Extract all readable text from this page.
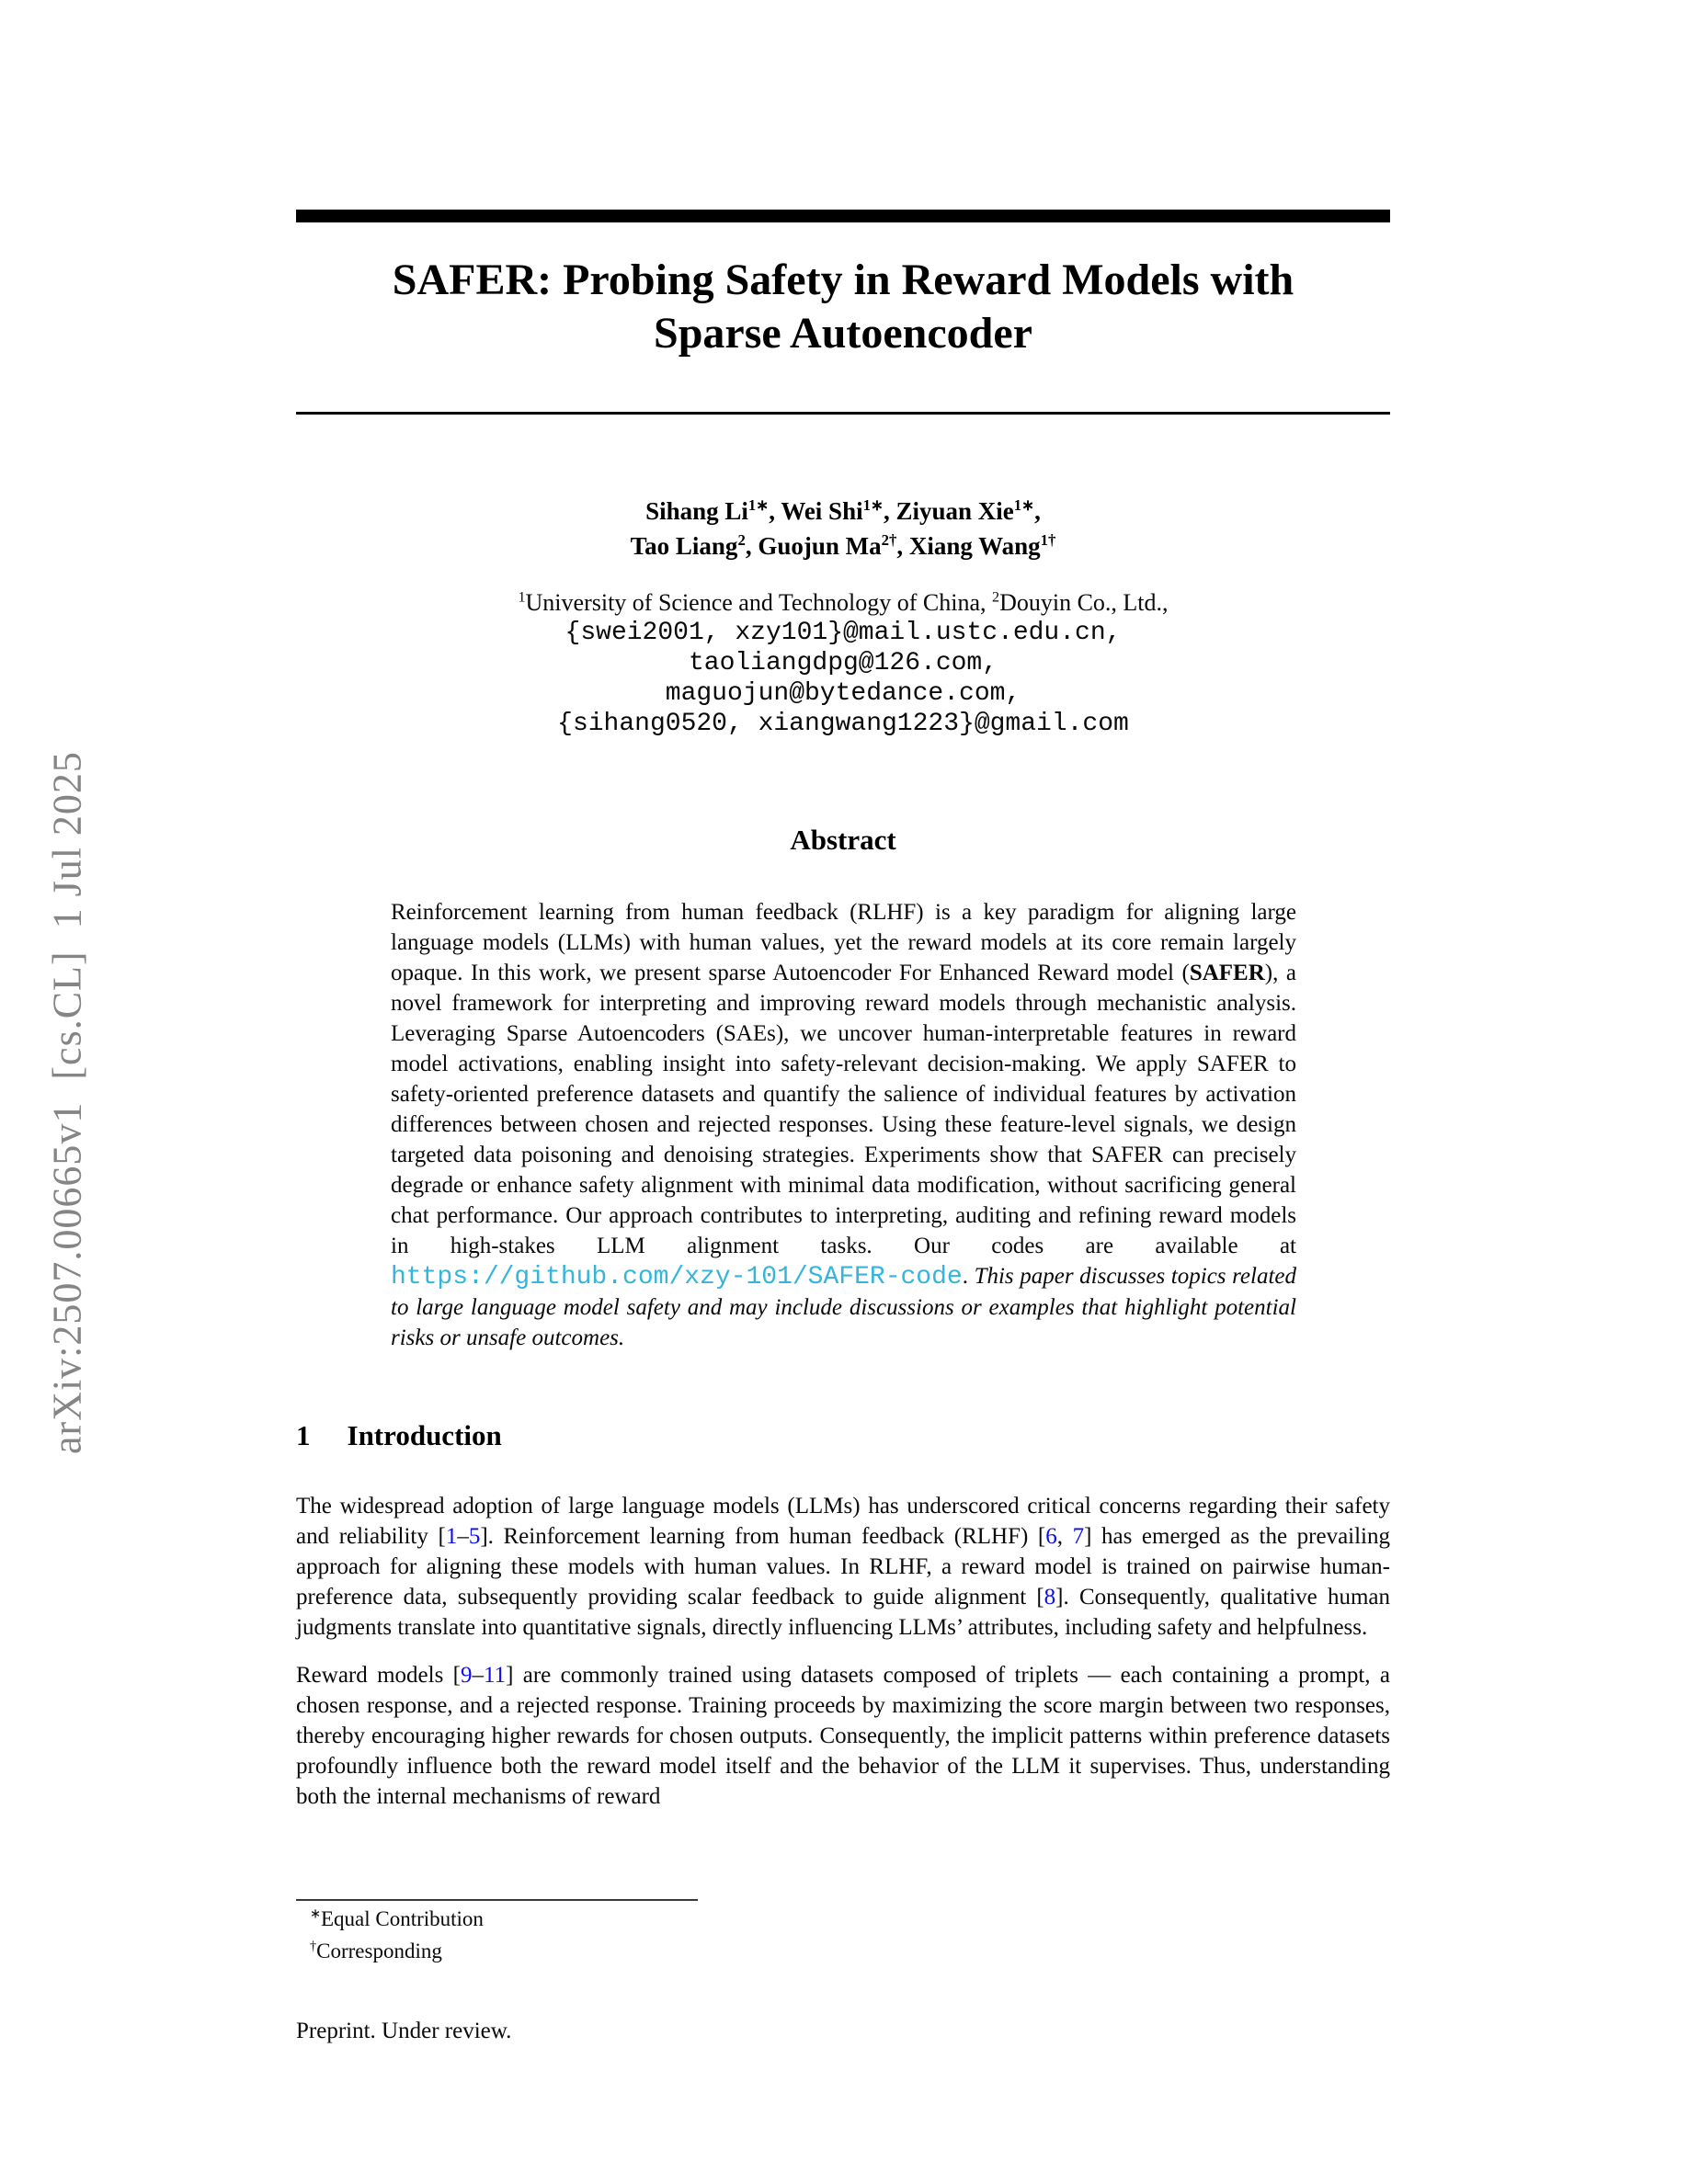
arXiv:2507.00665v1  [cs.CL]  1 Jul 2025
SAFER: Probing Safety in Reward Models with
Sparse Autoencoder
Sihang $Li^{1∗}$, Wei Shi$^{1∗}$, Ziyuan Xie$^{1∗}$,
Tao Liang$^2$, Guojun $Ma^{2\dagger}$, Xiang Wang$^{1\dagger}$
$^1$University of Science and Technology of China, $^2$Douyin Co., Ltd.,
{swei2001, xzy101}@mail.ustc.edu.cn,
taoliangdpg@126.com,
maguojun@bytedance.com,
{sihang0520, xiangwang1223}@gmail.com
Abstract

Reinforcement learning from human feedback (RLHF) is a key paradigm for aligning large language models (LLMs) with human values, yet the reward models at its core remain largely opaque. In this work, we present sparse Autoencoder For Enhanced Reward model (SAFER), a novel framework for interpreting and improving reward models through mechanistic analysis. Leveraging Sparse Autoencoders (SAEs), we uncover human-interpretable features in reward model activations, enabling insight into safety-relevant decision-making. We apply SAFER to safety-oriented preference datasets and quantify the salience of individual features by activation differences between chosen and rejected responses. Using these feature-level signals, we design targeted data poisoning and denoising strategies. Experiments show that SAFER can precisely degrade or enhance safety alignment with minimal data modification, without sacrificing general chat performance. Our approach contributes to interpreting, auditing and refining reward models in high-stakes LLM alignment tasks. Our codes are available at https://github.com/xzy-101/SAFER-code. This paper discusses topics related to large language model safety and may include discussions or examples that highlight potential risks or unsafe outcomes.

1 Introduction

The widespread adoption of large language models (LLMs) has underscored critical concerns regarding their safety and reliability [1–5]. Reinforcement learning from human feedback (RLHF) [6, 7] has emerged as the prevailing approach for aligning these models with human values. In RLHF, a reward model is trained on pairwise human-preference data, subsequently providing scalar feedback to guide alignment [8]. Consequently, qualitative human judgments translate into quantitative signals, directly influencing LLMs’ attributes, including safety and helpfulness.

Reward models [9–11] are commonly trained using datasets composed of triplets — each containing a prompt, a chosen response, and a rejected response. Training proceeds by maximizing the score margin between two responses, thereby encouraging higher rewards for chosen outputs. Consequently, the implicit patterns within preference datasets profoundly influence both the reward model itself and the behavior of the LLM it supervises. Thus, understanding both the internal mechanisms of reward

∗Equal Contribution
†Corresponding
Preprint. Under review.
